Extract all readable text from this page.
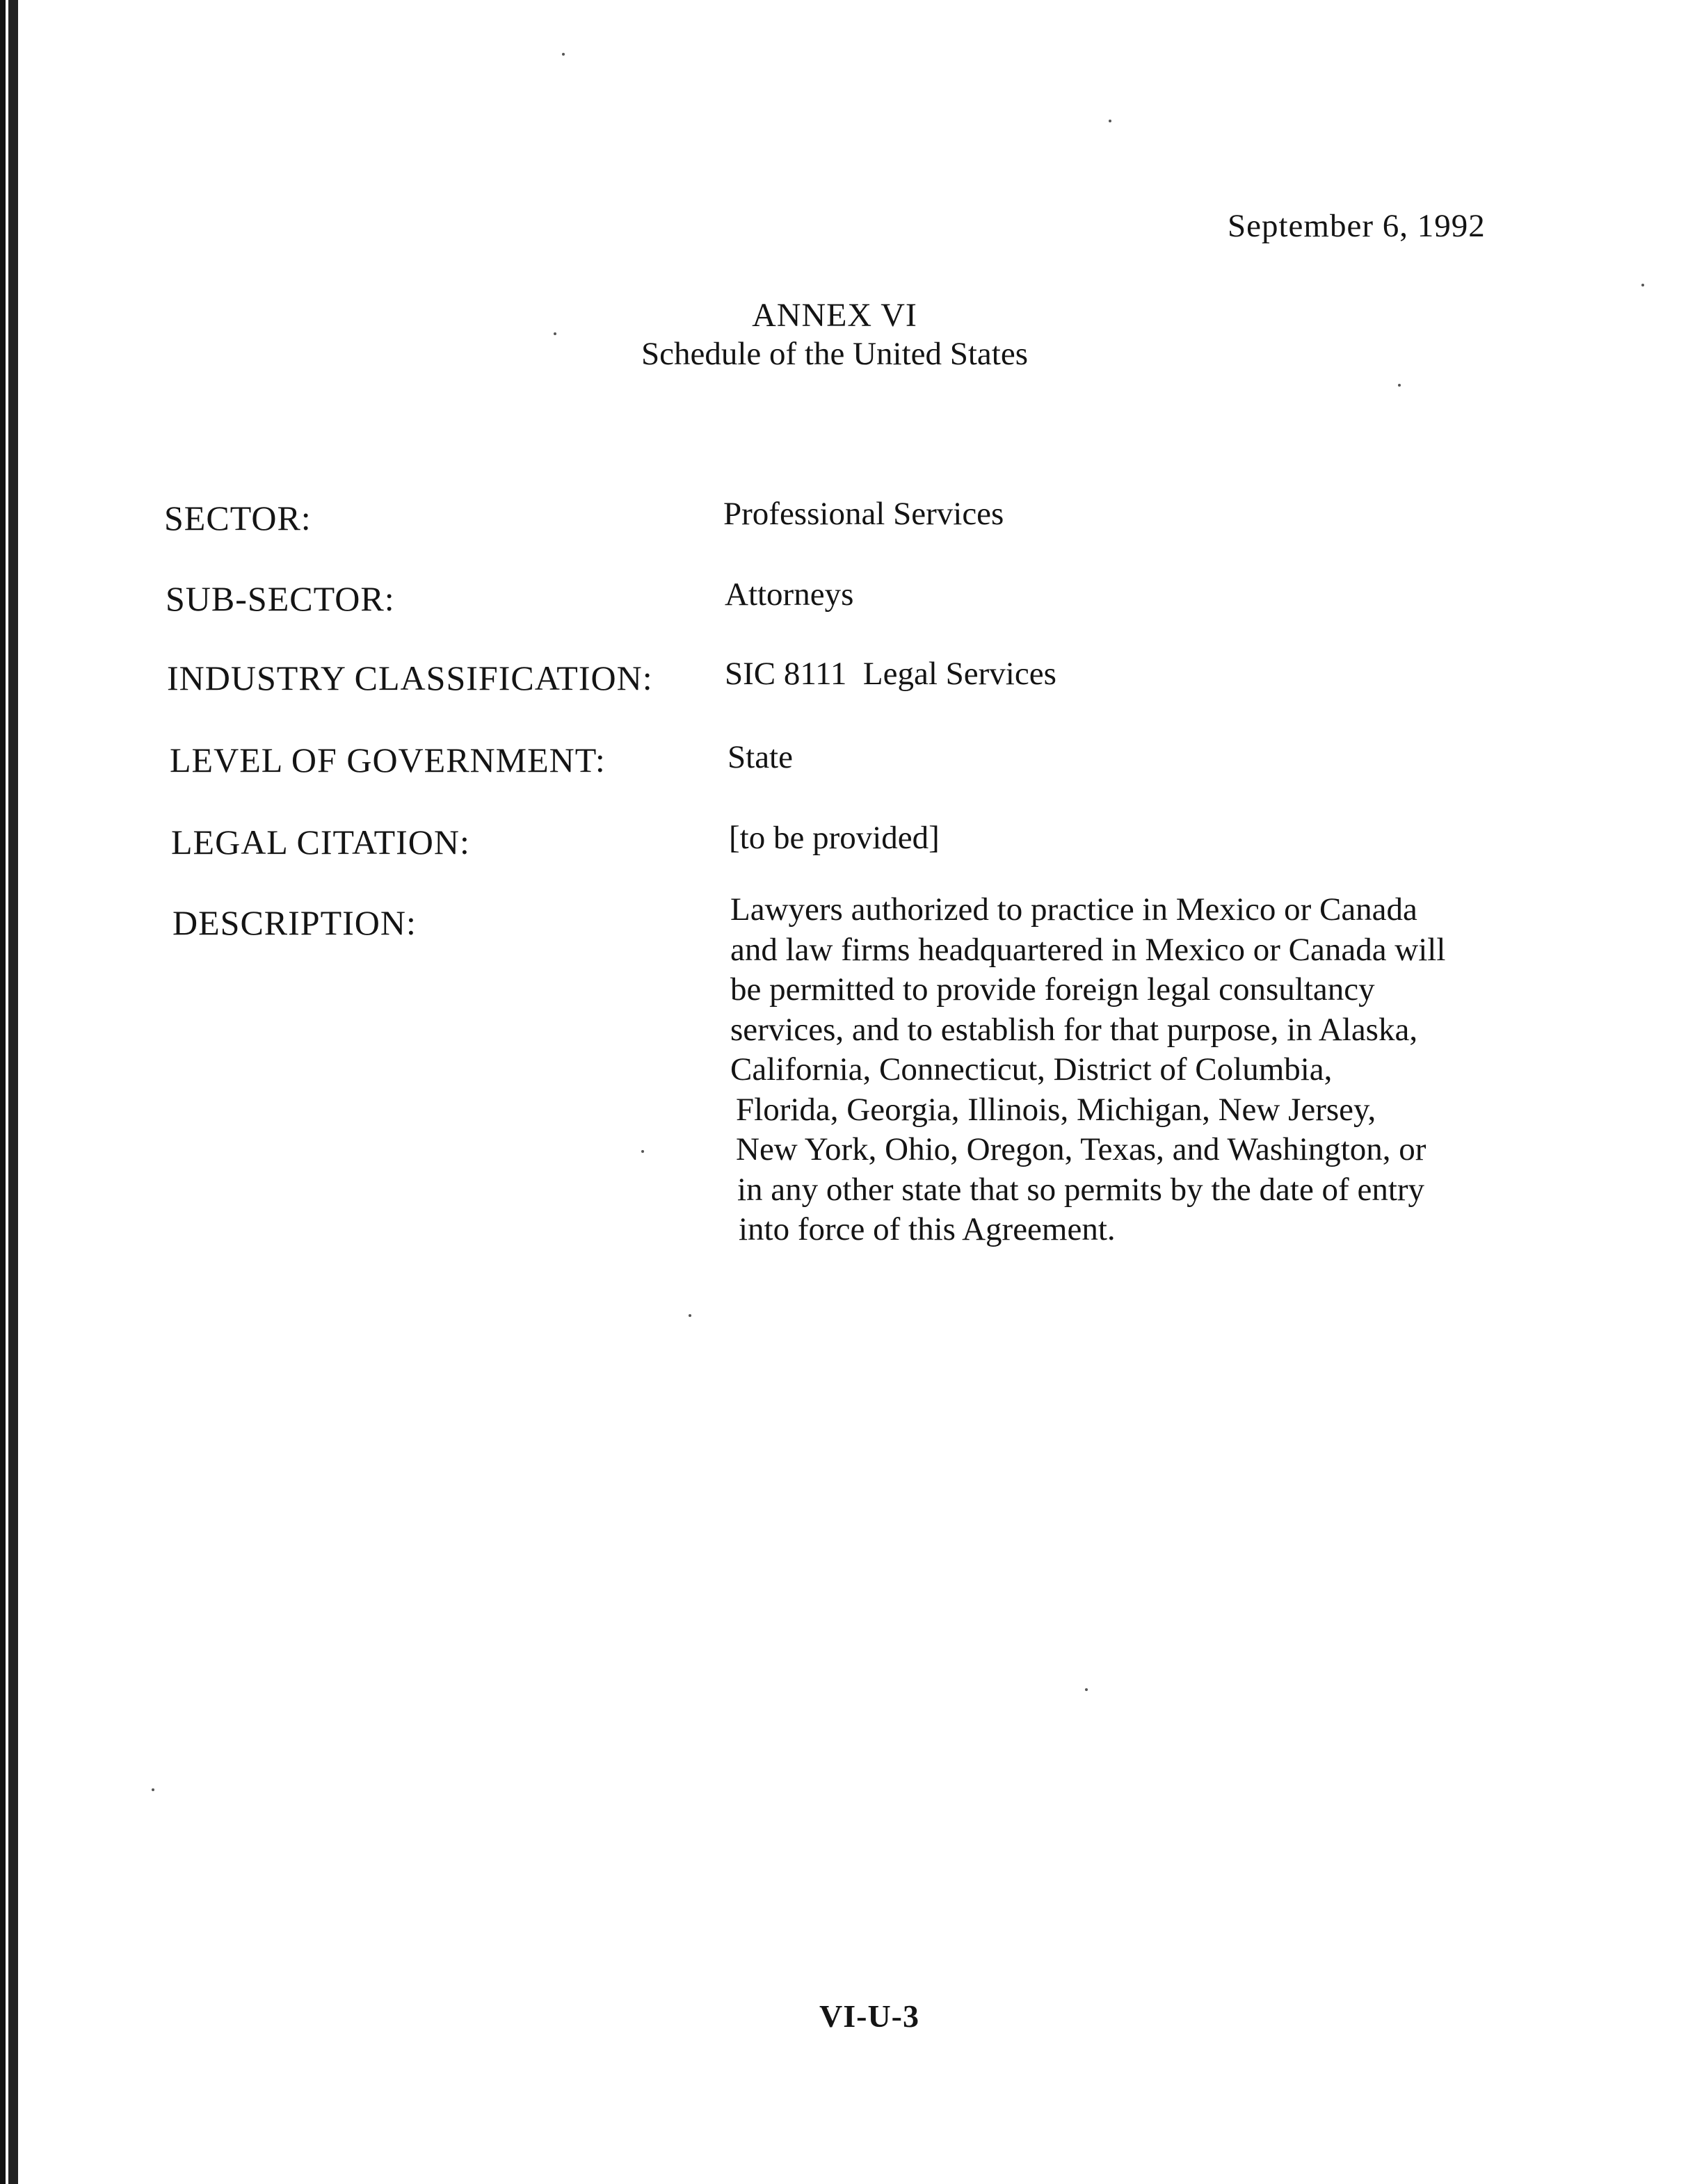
September 6, 1992
ANNEX VI
Schedule of the United States
SECTOR:	Professional Services
SUB-SECTOR:	Attorneys
INDUSTRY CLASSIFICATION: SIC 8111  Legal Services
LEVEL OF GOVERNMENT:	State
LEGAL CITATION:	[to be provided]
DESCRIPTION:	Lawyers authorized to practice in Mexico or Canada
and law firms headquartered in Mexico or Canada will
be permitted to provide foreign legal consultancy
services, and to establish for that purpose, in Alaska,
California, Connecticut, District of Columbia,
Florida, Georgia, Illinois, Michigan, New Jersey,
New York, Ohio, Oregon, Texas, and Washington, or
in any other state that so permits by the date of entry
into force of this Agreement.
VI-U-3
